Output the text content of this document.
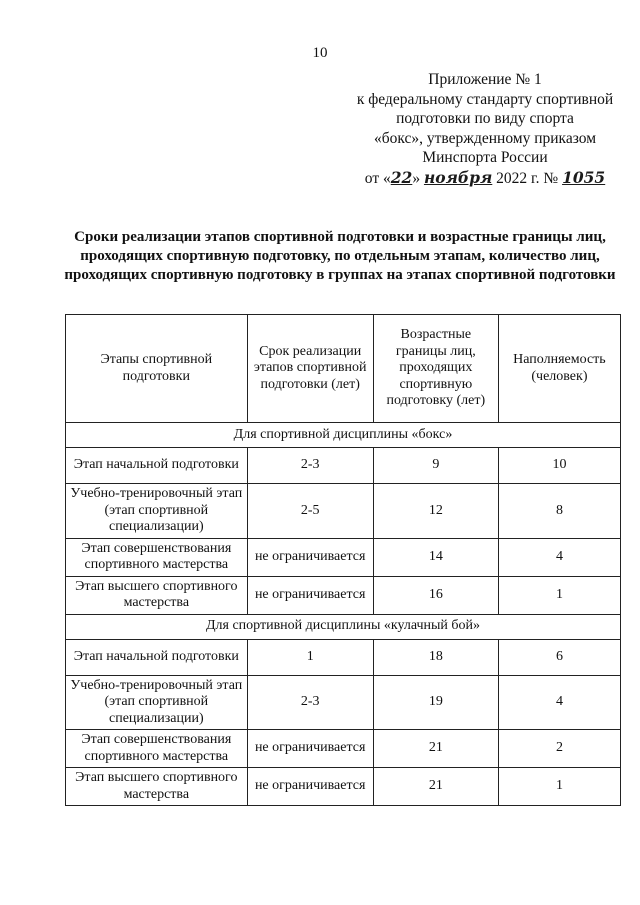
10
Приложение № 1
к федеральному стандарту спортивной
подготовки по виду спорта
«бокс», утвержденному приказом
Минспорта России
от «22» ноября 2022 г. № 1055
Сроки реализации этапов спортивной подготовки и возрастные границы лиц, проходящих спортивную подготовку, по отдельным этапам, количество лиц, проходящих спортивную подготовку в группах на этапах спортивной подготовки
Этапы спортивной подготовки	Срок реализации этапов спортивной подготовки (лет)	Возрастные границы лиц, проходящих спортивную подготовку (лет)	Наполняемость (человек)
Для спортивной дисциплины «бокс»			
Этап начальной подготовки	2-3	9	10
Учебно-тренировочный этап (этап спортивной специализации)	2-5	12	8
Этап совершенствования спортивного мастерства	не ограничивается	14	4
Этап высшего спортивного мастерства	не ограничивается	16	1
Для спортивной дисциплины «кулачный бой»			
Этап начальной подготовки	1	18	6
Учебно-тренировочный этап (этап спортивной специализации)	2-3	19	4
Этап совершенствования спортивного мастерства	не ограничивается	21	2
Этап высшего спортивного мастерства	не ограничивается	21	1
